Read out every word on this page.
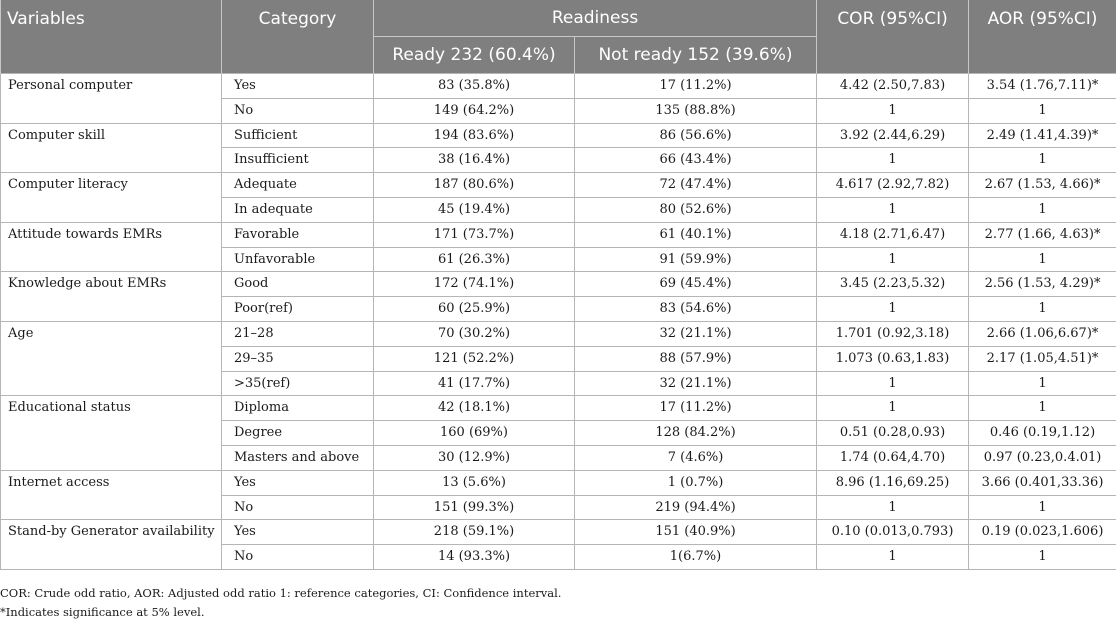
Variables	Category	Readiness		COR (95%CI)	AOR (95%CI)
		Ready 232 (60.4%)	Not ready 152 (39.6%)		
Personal computer	Yes	83 (35.8%)	17 (11.2%)	4.42 (2.50,7.83)	3.54 (1.76,7.11)*
	No	149 (64.2%)	135 (88.8%)	1	1
Computer skill	Sufficient	194 (83.6%)	86 (56.6%)	3.92 (2.44,6.29)	2.49 (1.41,4.39)*
	Insufficient	38 (16.4%)	66 (43.4%)	1	1
Computer literacy	Adequate	187 (80.6%)	72 (47.4%)	4.617 (2.92,7.82)	2.67 (1.53, 4.66)*
	In adequate	45 (19.4%)	80 (52.6%)	1	1
Attitude towards EMRs	Favorable	171 (73.7%)	61 (40.1%)	4.18 (2.71,6.47)	2.77 (1.66, 4.63)*
	Unfavorable	61 (26.3%)	91 (59.9%)	1	1
Knowledge about EMRs	Good	172 (74.1%)	69 (45.4%)	3.45 (2.23,5.32)	2.56 (1.53, 4.29)*
	Poor(ref)	60 (25.9%)	83 (54.6%)	1	1
Age	21–28	70 (30.2%)	32 (21.1%)	1.701 (0.92,3.18)	2.66 (1.06,6.67)*
	29–35	121 (52.2%)	88 (57.9%)	1.073 (0.63,1.83)	2.17 (1.05,4.51)*
	>35(ref)	41 (17.7%)	32 (21.1%)	1	1
Educational status	Diploma	42 (18.1%)	17 (11.2%)	1	1
	Degree	160 (69%)	128 (84.2%)	0.51 (0.28,0.93)	0.46 (0.19,1.12)
	Masters and above	30 (12.9%)	7 (4.6%)	1.74 (0.64,4.70)	0.97 (0.23,0.4.01)
Internet access	Yes	13 (5.6%)	1 (0.7%)	8.96 (1.16,69.25)	3.66 (0.401,33.36)
	No	151 (99.3%)	219 (94.4%)	1	1
Stand-by Generator availability	Yes	218 (59.1%)	151 (40.9%)	0.10 (0.013,0.793)	0.19 (0.023,1.606)
	No	14 (93.3%)	1(6.7%)	1	1
COR: Crude odd ratio, AOR: Adjusted odd ratio 1: reference categories, CI: Confidence interval.
*Indicates significance at 5% level.
